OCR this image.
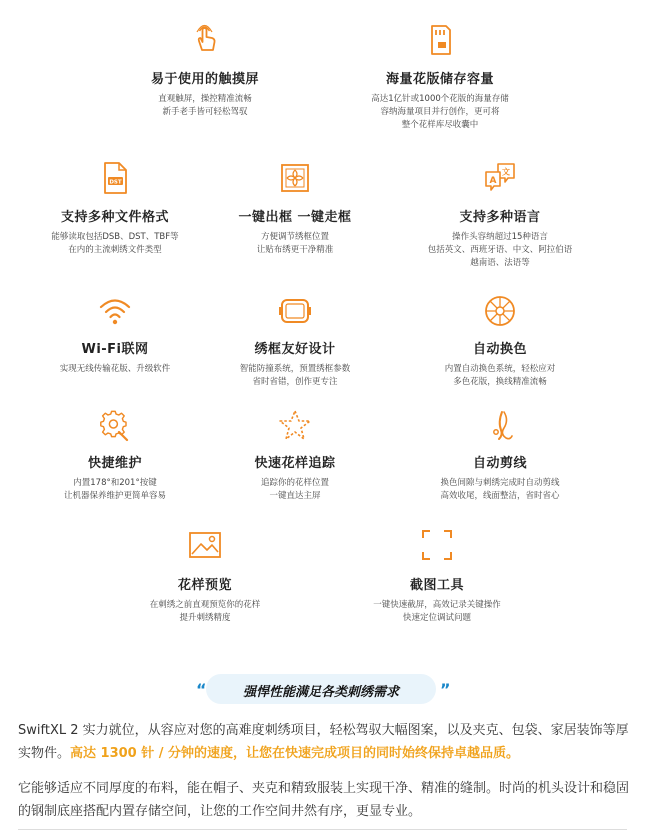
易于使用的触摸屏
直观触屏，操控精准流畅
新手老手皆可轻松驾驭
海量花版储存容量
高达1亿针或1000个花版的海量存储
容纳海量项目并行创作，更可将
整个花样库尽收囊中
DST
支持多种文件格式
能够读取包括DSB、DST、TBF等
在内的主流刺绣文件类型
一键出框 一键走框
方便调节绣框位置
让贴布绣更干净精准
文
A
支持多种语言
操作头容纳超过15种语言
包括英文、西班牙语、中文、阿拉伯语
越南语、法语等
Wi-Fi联网
实现无线传输花版、升级软件
绣框友好设计
智能防撞系统，预置绣框参数
省时省错，创作更专注
自动换色
内置自动换色系统，轻松应对
多色花版，换线精准流畅
快捷维护
内置178°和201°按键
让机器保养维护更简单容易
快速花样追踪
追踪你的花样位置
一键直达主屏
自动剪线
换色间隙与刺绣完成时自动剪线
高效收尾，线面整洁，省时省心
花样预览
在刺绣之前直观预览你的花样
提升刺绣精度
截图工具
一键快速截屏，高效记录关键操作
快速定位调试问题
“	强悍性能满足各类刺绣需求	”
SwiftXL 2 实力就位，从容应对您的高难度刺绣项目，轻松驾驭大幅图案，以及夹克、包袋、家居装饰等厚实物件。高达 1300 针 / 分钟的速度，让您在快速完成项目的同时始终保持卓越品质。
它能够适应不同厚度的布料，能在帽子、夹克和精致服装上实现干净、精准的缝制。时尚的机头设计和稳固的钢制底座搭配内置存储空间，让您的工作空间井然有序，更显专业。
